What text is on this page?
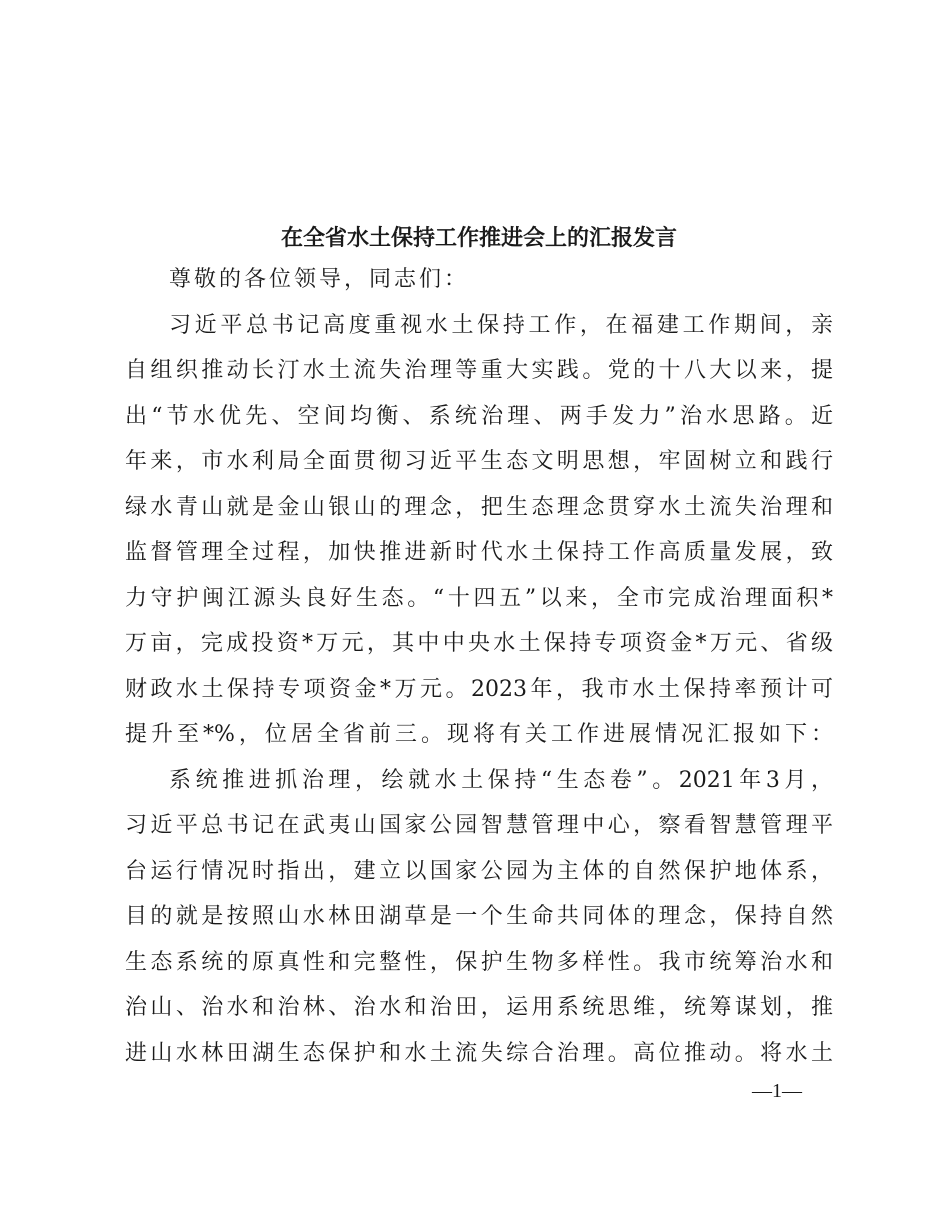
在全省水土保持工作推进会上的汇报发言
尊敬的各位领导，同志们：
习近平总书记高度重视水土保持工作，在福建工作期间，亲
自组织推动长汀水土流失治理等重大实践。党的十八大以来，提
出“节水优先、空间均衡、系统治理、两手发力”治水思路。近
年来，市水利局全面贯彻习近平生态文明思想，牢固树立和践行
绿水青山就是金山银山的理念，把生态理念贯穿水土流失治理和
监督管理全过程，加快推进新时代水土保持工作高质量发展，致
力守护闽江源头良好生态。“十四五”以来，全市完成治理面积*
万亩，完成投资*万元，其中中央水土保持专项资金*万元、省级
财政水土保持专项资金*万元。2023年，我市水土保持率预计可
提升至*%，位居全省前三。现将有关工作进展情况汇报如下：
系统推进抓治理，绘就水土保持“生态卷”。2021年3月，
习近平总书记在武夷山国家公园智慧管理中心，察看智慧管理平
台运行情况时指出，建立以国家公园为主体的自然保护地体系，
目的就是按照山水林田湖草是一个生命共同体的理念，保持自然
生态系统的原真性和完整性，保护生物多样性。我市统筹治水和
治山、治水和治林、治水和治田，运用系统思维，统筹谋划，推
进山水林田湖生态保护和水土流失综合治理。高位推动。将水土
—1—
